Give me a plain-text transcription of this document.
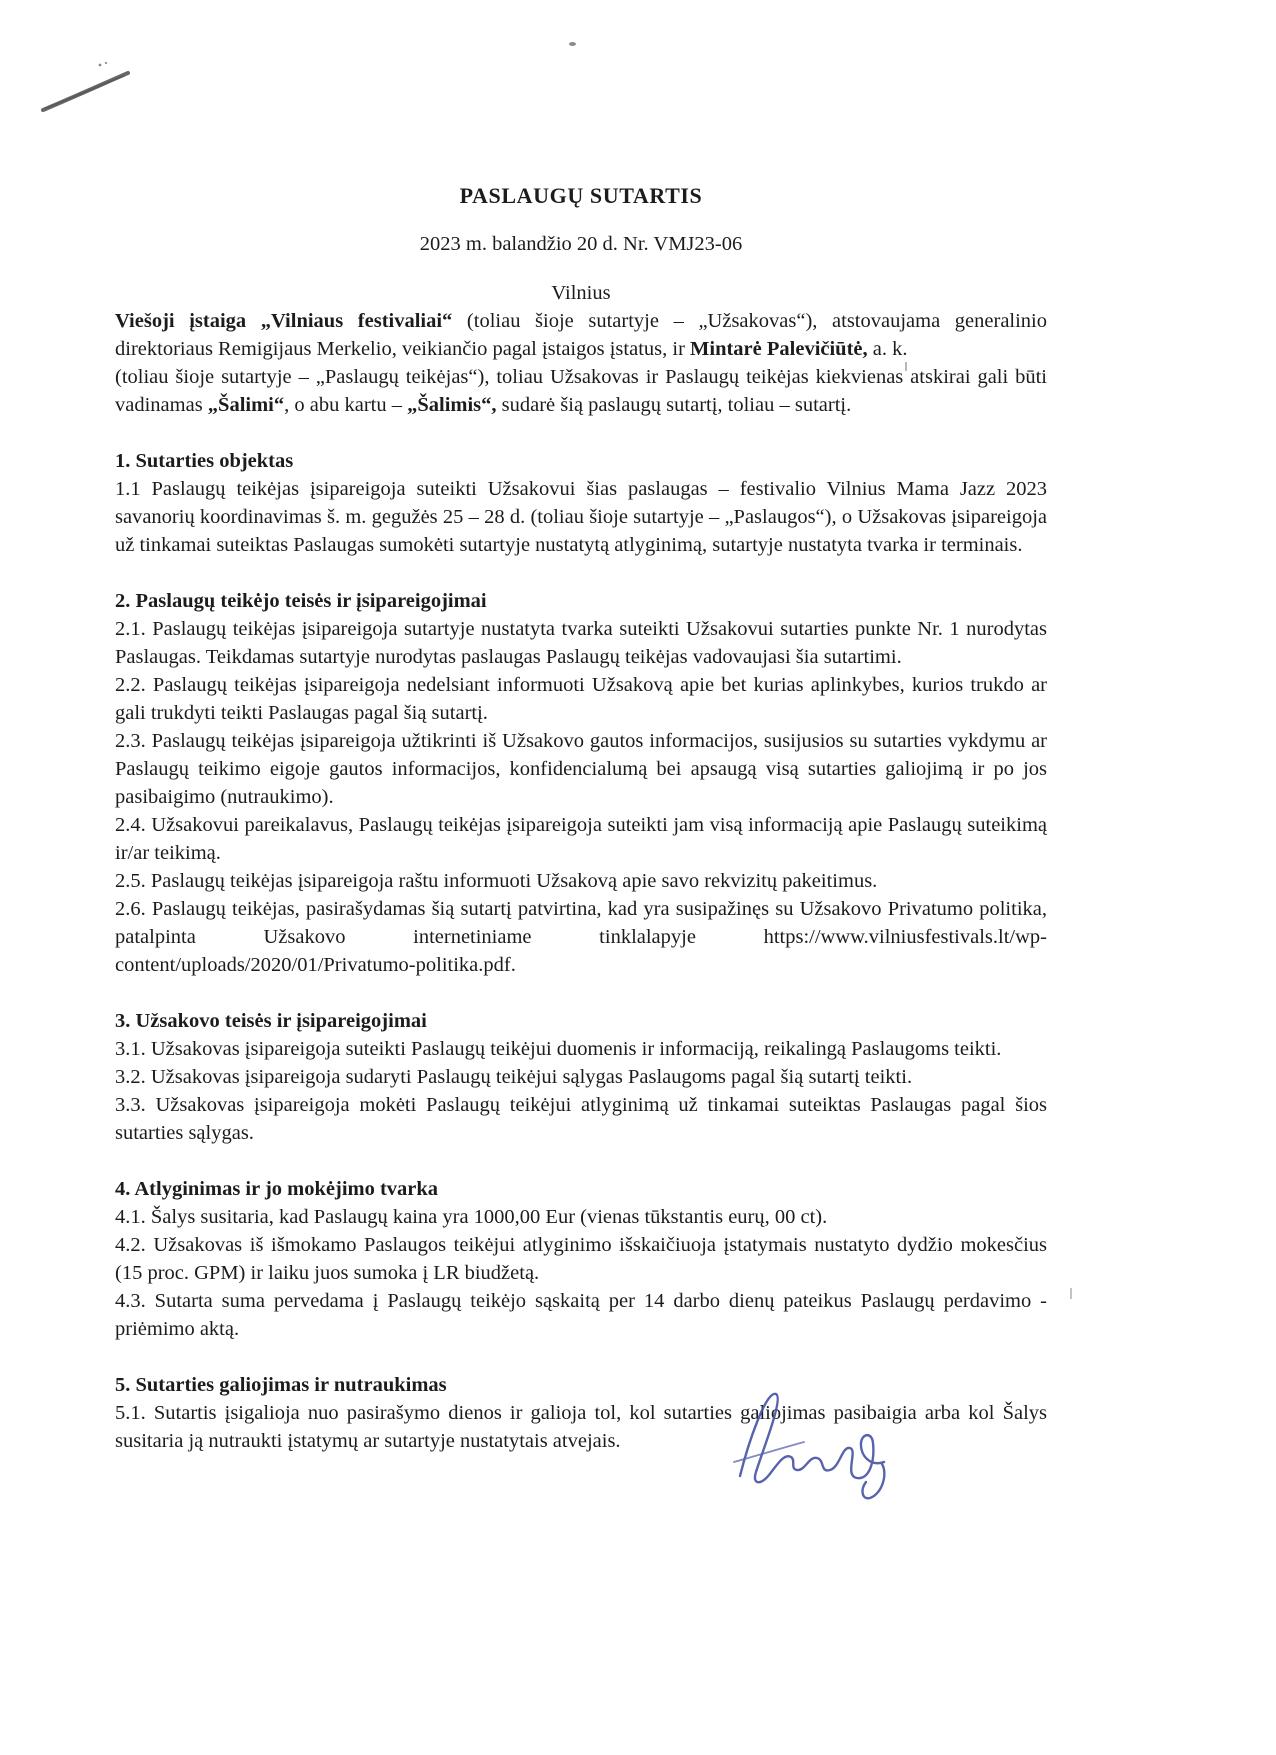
PASLAUGŲ SUTARTIS
2023 m. balandžio 20 d. Nr. VMJ23-06
Vilnius

Viešoji įstaiga „Vilniaus festivaliai“ (toliau šioje sutartyje – „Užsakovas“), atstovaujama generalinio direktoriaus Remigijaus Merkelio, veikiančio pagal įstaigos įstatus, ir Mintarė Palevičiūtė, a. k.
(toliau šioje sutartyje – „Paslaugų teikėjas“), toliau Užsakovas ir Paslaugų teikėjas kiekvienas atskirai gali būti vadinamas „Šalimi“, o abu kartu – „Šalimis“, sudarė šią paslaugų sutartį, toliau – sutartį.

1. Sutarties objektas

1.1 Paslaugų teikėjas įsipareigoja suteikti Užsakovui šias paslaugas – festivalio Vilnius Mama Jazz 2023 savanorių koordinavimas š. m. gegužės 25 – 28 d. (toliau šioje sutartyje – „Paslaugos“), o Užsakovas įsipareigoja už tinkamai suteiktas Paslaugas sumokėti sutartyje nustatytą atlyginimą, sutartyje nustatyta tvarka ir terminais.

2. Paslaugų teikėjo teisės ir įsipareigojimai

2.1. Paslaugų teikėjas įsipareigoja sutartyje nustatyta tvarka suteikti Užsakovui sutarties punkte Nr. 1 nurodytas Paslaugas. Teikdamas sutartyje nurodytas paslaugas Paslaugų teikėjas vadovaujasi šia sutartimi.

2.2. Paslaugų teikėjas įsipareigoja nedelsiant informuoti Užsakovą apie bet kurias aplinkybes, kurios trukdo ar gali trukdyti teikti Paslaugas pagal šią sutartį.

2.3. Paslaugų teikėjas įsipareigoja užtikrinti iš Užsakovo gautos informacijos, susijusios su sutarties vykdymu ar Paslaugų teikimo eigoje gautos informacijos, konfidencialumą bei apsaugą visą sutarties galiojimą ir po jos pasibaigimo (nutraukimo).

2.4. Užsakovui pareikalavus, Paslaugų teikėjas įsipareigoja suteikti jam visą informaciją apie Paslaugų suteikimą ir/ar teikimą.

2.5. Paslaugų teikėjas įsipareigoja raštu informuoti Užsakovą apie savo rekvizitų pakeitimus.

2.6. Paslaugų teikėjas, pasirašydamas šią sutartį patvirtina, kad yra susipažinęs su Užsakovo Privatumo politika, patalpinta Užsakovo internetiniame tinklalapyje https://www.vilniusfestivals.lt/wp-content/uploads/2020/01/Privatumo-politika.pdf.

3. Užsakovo teisės ir įsipareigojimai

3.1. Užsakovas įsipareigoja suteikti Paslaugų teikėjui duomenis ir informaciją, reikalingą Paslaugoms teikti.

3.2. Užsakovas įsipareigoja sudaryti Paslaugų teikėjui sąlygas Paslaugoms pagal šią sutartį teikti.

3.3. Užsakovas įsipareigoja mokėti Paslaugų teikėjui atlyginimą už tinkamai suteiktas Paslaugas pagal šios sutarties sąlygas.

4. Atlyginimas ir jo mokėjimo tvarka

4.1. Šalys susitaria, kad Paslaugų kaina yra 1000,00 Eur (vienas tūkstantis eurų, 00 ct).

4.2. Užsakovas iš išmokamo Paslaugos teikėjui atlyginimo išskaičiuoja įstatymais nustatyto dydžio mokesčius (15 proc. GPM) ir laiku juos sumoka į LR biudžetą.

4.3. Sutarta suma pervedama į Paslaugų teikėjo sąskaitą per 14 darbo dienų pateikus Paslaugų perdavimo - priėmimo aktą.

5. Sutarties galiojimas ir nutraukimas

5.1. Sutartis įsigalioja nuo pasirašymo dienos ir galioja tol, kol sutarties galiojimas pasibaigia arba kol Šalys susitaria ją nutraukti įstatymų ar sutartyje nustatytais atvejais.
